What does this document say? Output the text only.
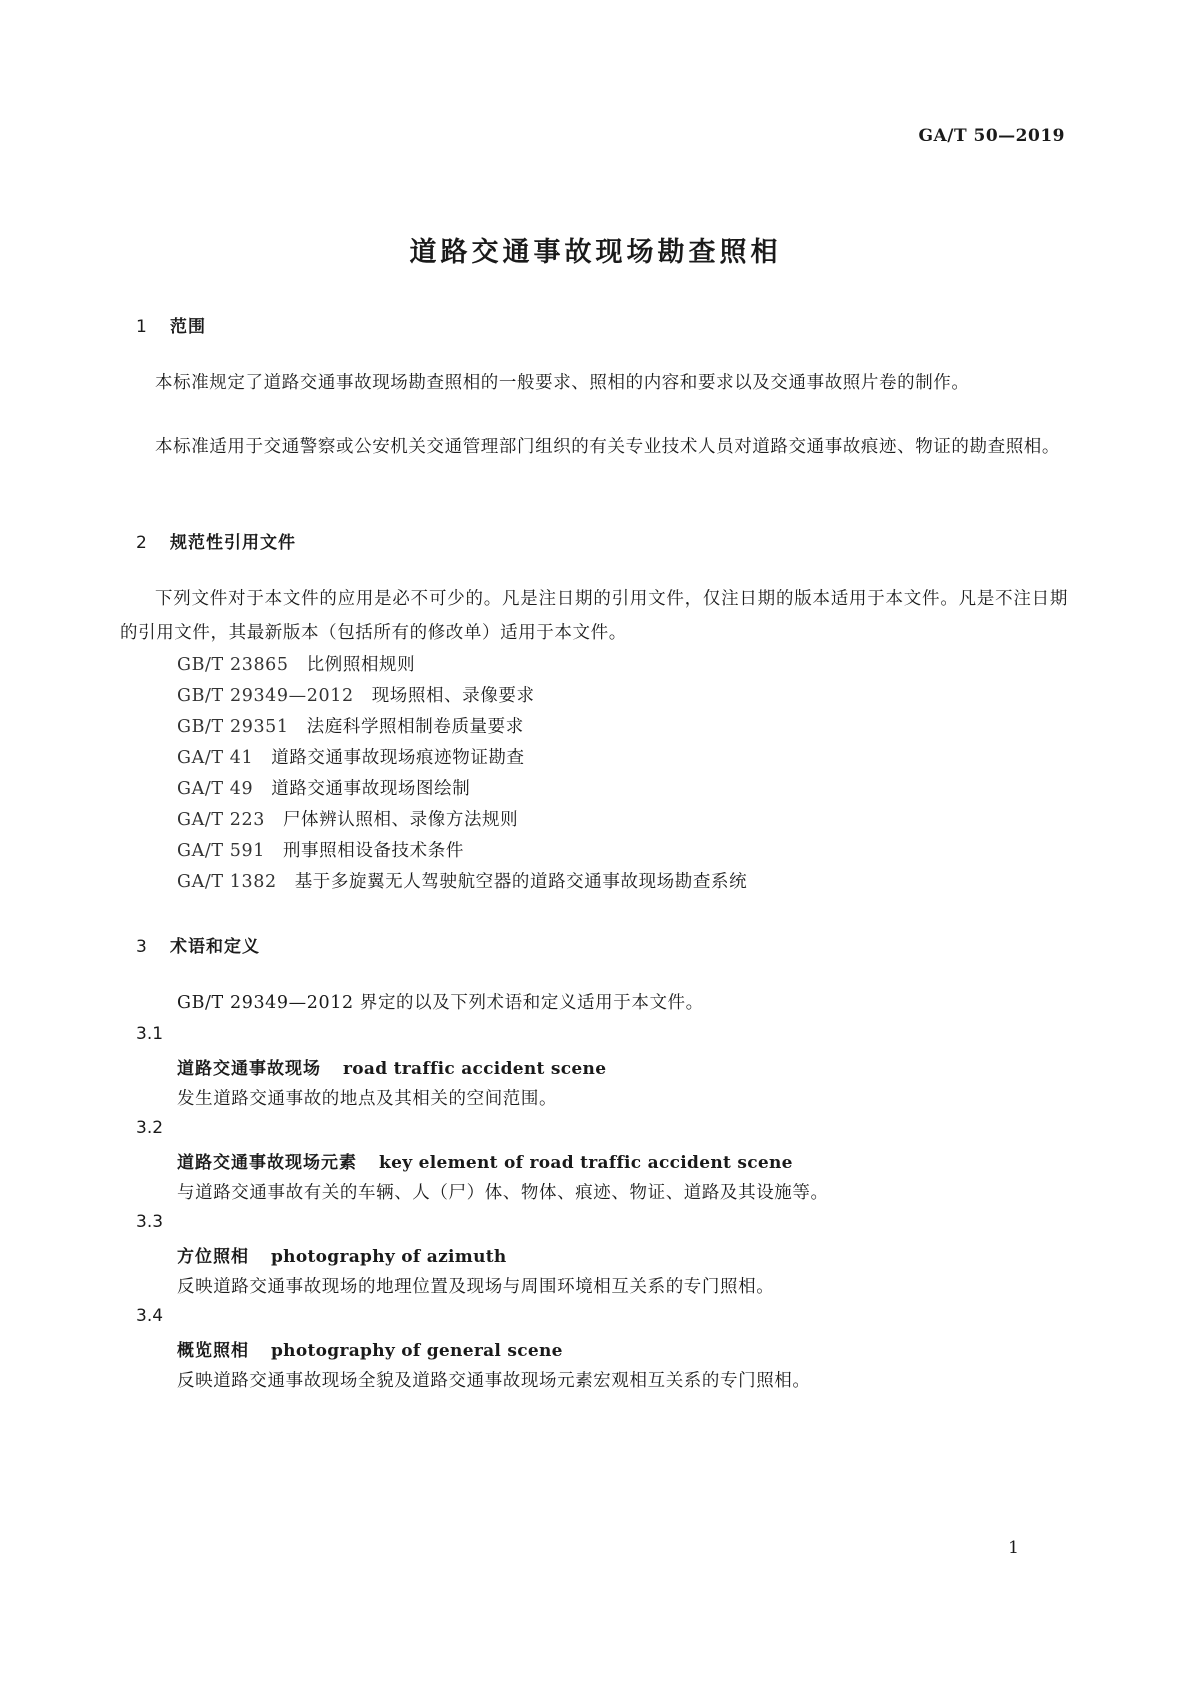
GA/T 50—2019
道路交通事故现场勘查照相
1 范围

本标准规定了道路交通事故现场勘查照相的一般要求、照相的内容和要求以及交通事故照片卷的制作。

本标准适用于交通警察或公安机关交通管理部门组织的有关专业技术人员对道路交通事故痕迹、物证的勘查照相。

2 规范性引用文件

下列文件对于本文件的应用是必不可少的。凡是注日期的引用文件，仅注日期的版本适用于本文件。凡是不注日期的引用文件，其最新版本（包括所有的修改单）适用于本文件。

GB/T 23865 比例照相规则
GB/T 29349—2012 现场照相、录像要求
GB/T 29351 法庭科学照相制卷质量要求
GA/T 41 道路交通事故现场痕迹物证勘查
GA/T 49 道路交通事故现场图绘制
GA/T 223 尸体辨认照相、录像方法规则
GA/T 591 刑事照相设备技术条件
GA/T 1382 基于多旋翼无人驾驶航空器的道路交通事故现场勘查系统
3 术语和定义
GB/T 29349—2012 界定的以及下列术语和定义适用于本文件。
3.1
道路交通事故现场 road traffic accident scene
发生道路交通事故的地点及其相关的空间范围。
3.2
道路交通事故现场元素 key element of road traffic accident scene
与道路交通事故有关的车辆、人（尸）体、物体、痕迹、物证、道路及其设施等。
3.3
方位照相 photography of azimuth
反映道路交通事故现场的地理位置及现场与周围环境相互关系的专门照相。
3.4
概览照相 photography of general scene
反映道路交通事故现场全貌及道路交通事故现场元素宏观相互关系的专门照相。
1
